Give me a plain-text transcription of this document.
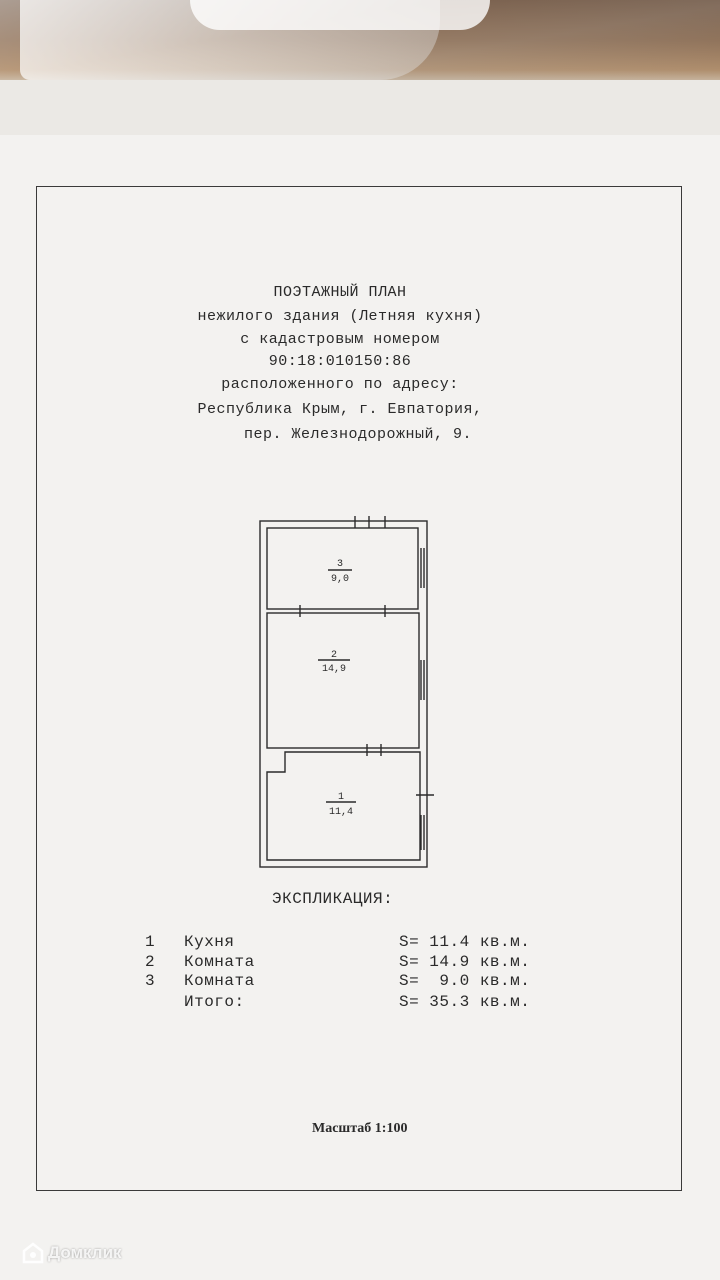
ПОЭТАЖНЫЙ ПЛАН
нежилого здания (Летняя кухня)
с кадастровым номером
90:18:010150:86
расположенного по адресу:
Республика Крым, г. Евпатория,
пер. Железнодорожный, 9.
3
9,0
2
14,9
1
11,4
ЭКСПЛИКАЦИЯ:
1 Кухня	S= 11.4 кв.м.
2 Комната	S= 14.9 кв.м.
3 Комната	S=  9.0 кв.м.
Итого:	S= 35.3 кв.м.
Масштаб 1:100
Домклик
